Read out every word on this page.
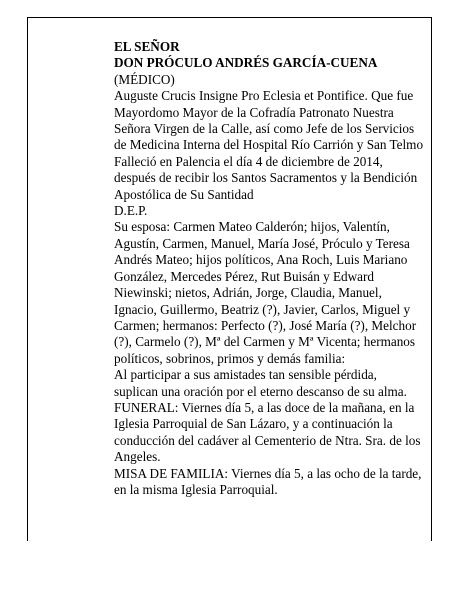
EL SEÑOR

DON PRÓCULO ANDRÉS GARCÍA-CUENA

(MÉDICO)

Auguste Crucis Insigne Pro Eclesia et Pontifice. Que fue Mayordomo Mayor de la Cofradía Patronato Nuestra Señora Virgen de la Calle, así como Jefe de los Servicios de Medicina Interna del Hospital Río Carrión y San Telmo

Falleció en Palencia el día 4 de diciembre de 2014, después de recibir los Santos Sacramentos y la Bendición Apostólica de Su Santidad

D.E.P.

Su esposa: Carmen Mateo Calderón; hijos, Valentín, Agustín, Carmen, Manuel, María José, Próculo y Teresa Andrés Mateo; hijos políticos, Ana Roch, Luis Mariano González, Mercedes Pérez, Rut Buisán y Edward Niewinski; nietos, Adrián, Jorge, Claudia, Manuel, Ignacio, Guillermo, Beatriz (?), Javier, Carlos, Miguel y Carmen; hermanos: Perfecto (?), José María (?), Melchor (?), Carmelo (?), Mª del Carmen y Mª Vicenta; hermanos políticos, sobrinos, primos y demás familia:

Al participar a sus amistades tan sensible pérdida, suplican una oración por el eterno descanso de su alma.

FUNERAL: Viernes día 5, a las doce de la mañana, en la Iglesia Parroquial de San Lázaro, y a continuación la conducción del cadáver al Cementerio de Ntra. Sra. de los Angeles.

MISA DE FAMILIA: Viernes día 5, a las ocho de la tarde, en la misma Iglesia Parroquial.
